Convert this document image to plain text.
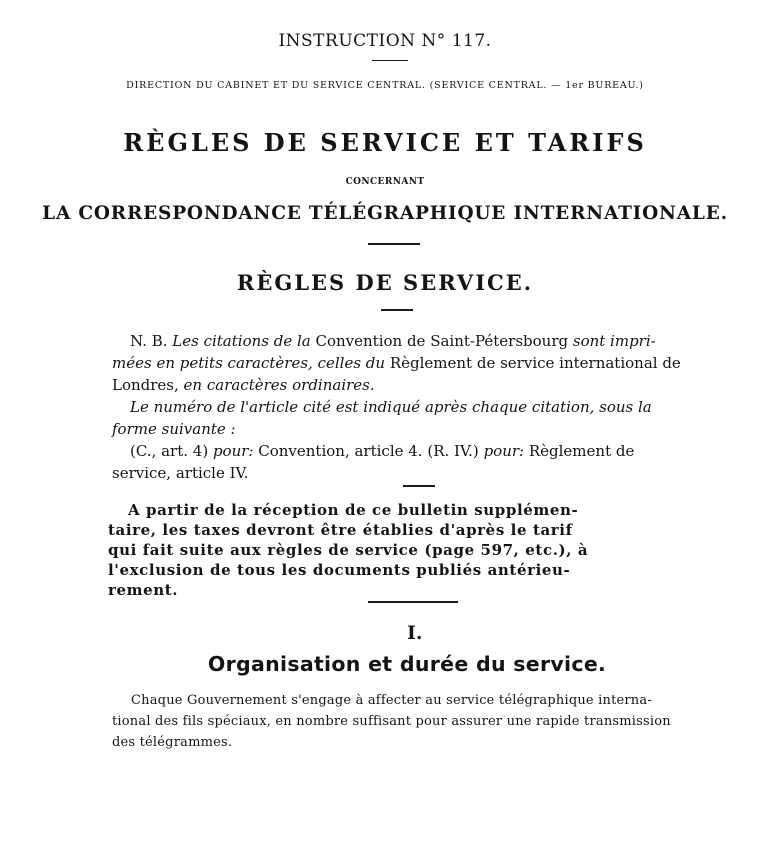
INSTRUCTION N° 117.
DIRECTION DU CABINET ET DU SERVICE CENTRAL. (SERVICE CENTRAL. — 1er BUREAU.)
RÈGLES DE SERVICE ET TARIFS
CONCERNANT
LA CORRESPONDANCE TÉLÉGRAPHIQUE INTERNATIONALE.
RÈGLES DE SERVICE.
N. B. Les citations de la Convention de Saint-Pétersbourg sont impri-
mées en petits caractères, celles du Règlement de service international de
Londres, en caractères ordinaires.
Le numéro de l'article cité est indiqué après chaque citation, sous la
forme suivante :
(C., art. 4) pour: Convention, article 4. (R. IV.) pour: Règlement de
service, article IV.
A partir de la réception de ce bulletin supplémen-
taire, les taxes devront être établies d'après le tarif
qui fait suite aux règles de service (page 597, etc.), à
l'exclusion de tous les documents publiés antérieu-
rement.
I.
Organisation et durée du service.
Chaque Gouvernement s'engage à affecter au service télégraphique interna-
tional des fils spéciaux, en nombre suffisant pour assurer une rapide transmission
des télégrammes.
